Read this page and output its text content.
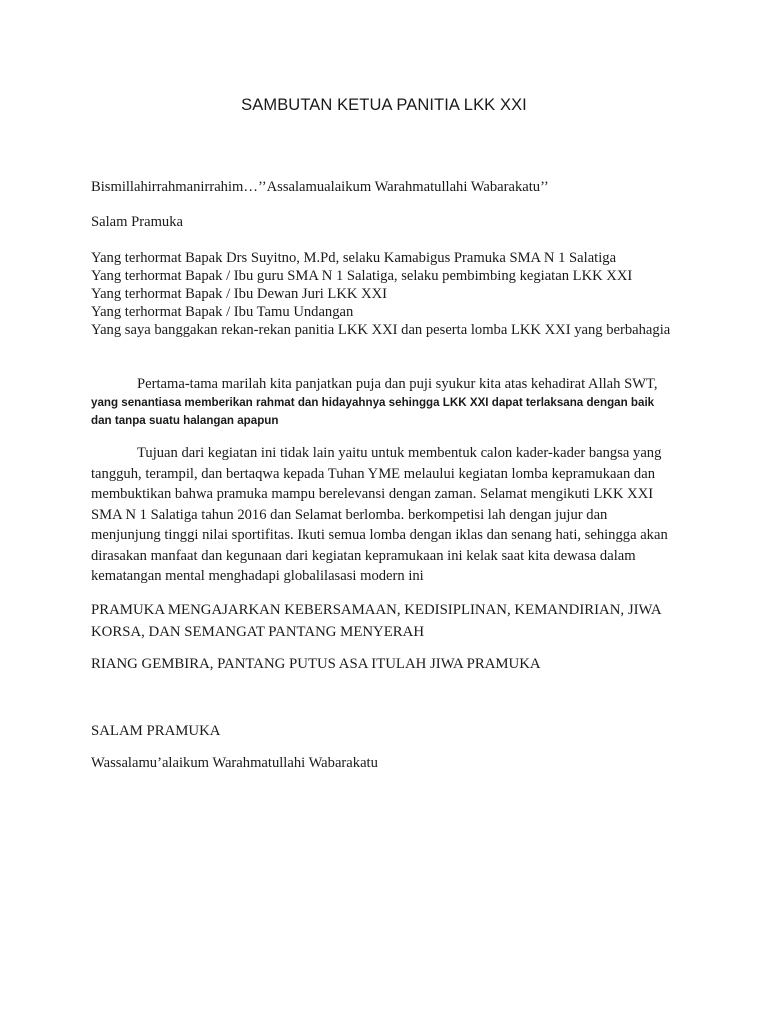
SAMBUTAN KETUA PANITIA LKK XXI

Bismillahirrahmanirrahim…’’Assalamualaikum Warahmatullahi Wabarakatu’’

Salam Pramuka

Yang terhormat Bapak Drs Suyitno, M.Pd, selaku Kamabigus Pramuka SMA N 1 Salatiga
Yang terhormat Bapak / Ibu guru SMA N 1 Salatiga, selaku pembimbing kegiatan LKK XXI
Yang terhormat Bapak / Ibu Dewan Juri LKK XXI
Yang terhormat Bapak / Ibu Tamu Undangan
Yang saya banggakan rekan-rekan panitia LKK XXI dan peserta lomba LKK XXI yang berbahagia

Pertama-tama marilah kita panjatkan puja dan puji syukur kita atas kehadirat Allah SWT,
yang senantiasa memberikan rahmat dan hidayahnya sehingga LKK XXI dapat terlaksana dengan baik dan tanpa suatu halangan apapun

Tujuan dari kegiatan ini tidak lain yaitu untuk membentuk calon kader-kader bangsa yang tangguh, terampil, dan bertaqwa kepada Tuhan YME melaului kegiatan lomba kepramukaan dan membuktikan bahwa pramuka mampu berelevansi dengan zaman. Selamat mengikuti LKK XXI SMA N 1 Salatiga tahun 2016 dan Selamat berlomba. berkompetisi lah dengan jujur dan menjunjung tinggi nilai sportifitas. Ikuti semua lomba dengan iklas dan senang hati, sehingga akan dirasakan manfaat dan kegunaan dari kegiatan kepramukaan ini kelak saat kita dewasa dalam kematangan mental menghadapi globalilasasi modern ini

PRAMUKA MENGAJARKAN KEBERSAMAAN, KEDISIPLINAN, KEMANDIRIAN, JIWA KORSA, DAN SEMANGAT PANTANG MENYERAH

RIANG GEMBIRA, PANTANG PUTUS ASA ITULAH JIWA PRAMUKA

SALAM PRAMUKA

Wassalamu’alaikum Warahmatullahi Wabarakatu
